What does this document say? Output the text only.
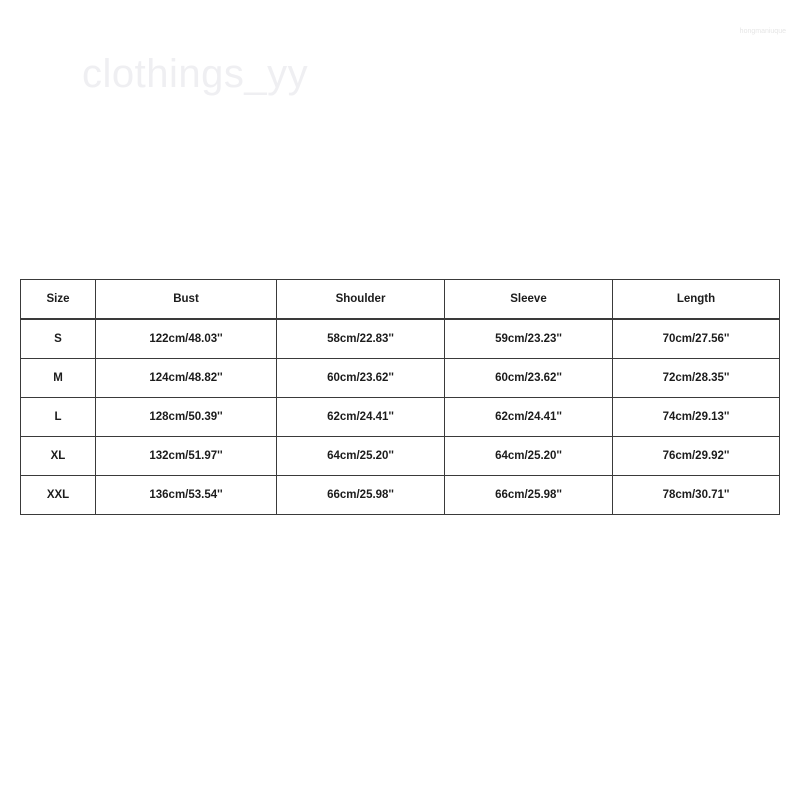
clothings_yy
hongmaniuque
Size	Bust	Shoulder	Sleeve	Length
S	122cm/48.03''	58cm/22.83''	59cm/23.23''	70cm/27.56''
M	124cm/48.82''	60cm/23.62''	60cm/23.62''	72cm/28.35''
L	128cm/50.39''	62cm/24.41''	62cm/24.41''	74cm/29.13''
XL	132cm/51.97''	64cm/25.20''	64cm/25.20''	76cm/29.92''
XXL	136cm/53.54''	66cm/25.98''	66cm/25.98''	78cm/30.71''
